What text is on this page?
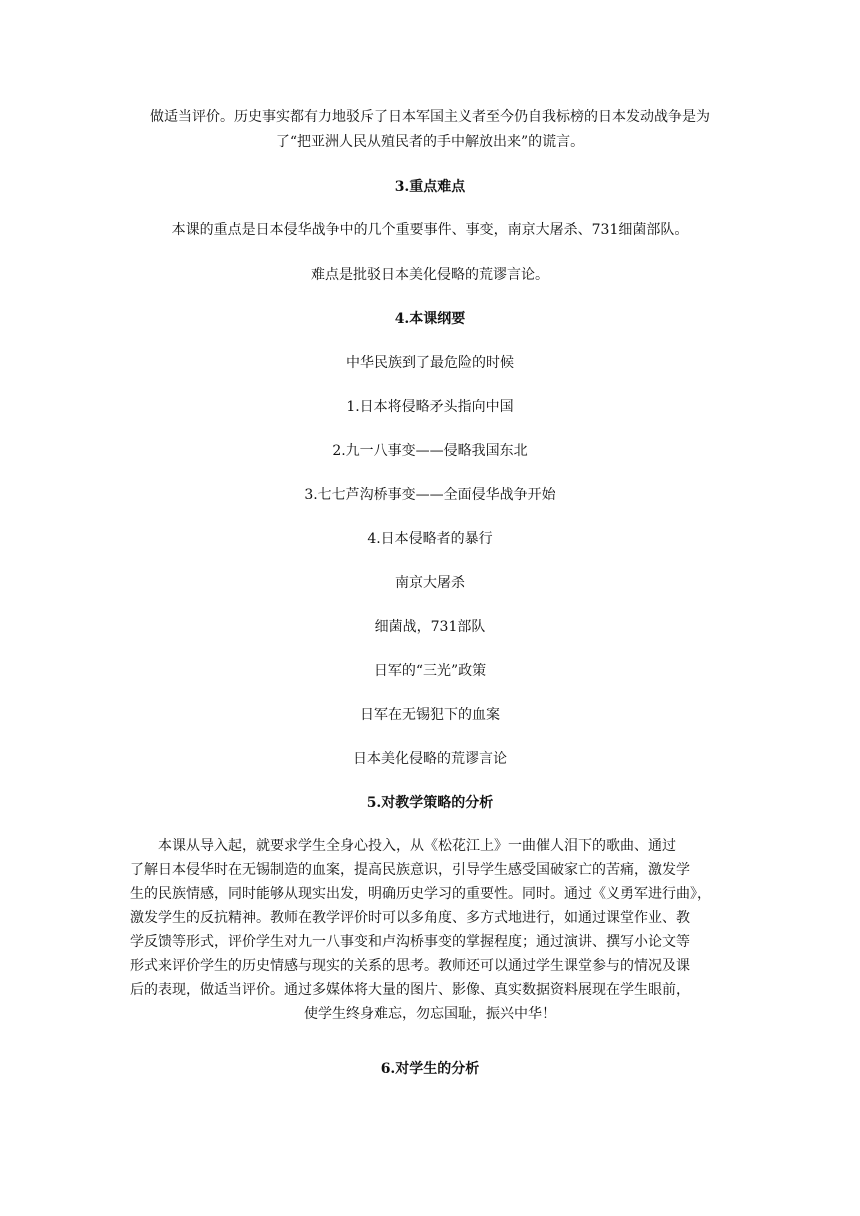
做适当评价。历史事实都有力地驳斥了日本军国主义者至今仍自我标榜的日本发动战争是为
了“把亚洲人民从殖民者的手中解放出来”的谎言。
3.重点难点
本课的重点是日本侵华战争中的几个重要事件、事变，南京大屠杀、731细菌部队。
难点是批驳日本美化侵略的荒谬言论。
4.本课纲要
中华民族到了最危险的时候
1.日本将侵略矛头指向中国
2.九一八事变——侵略我国东北
3.七七芦沟桥事变——全面侵华战争开始
4.日本侵略者的暴行
南京大屠杀
细菌战，731部队
日军的“三光”政策
日军在无锡犯下的血案
日本美化侵略的荒谬言论
5.对教学策略的分析
本课从导入起，就要求学生全身心投入，从《松花江上》一曲催人泪下的歌曲、通过
了解日本侵华时在无锡制造的血案，提高民族意识，引导学生感受国破家亡的苦痛，激发学
生的民族情感，同时能够从现实出发，明确历史学习的重要性。同时。通过《义勇军进行曲》，
激发学生的反抗精神。教师在教学评价时可以多角度、多方式地进行，如通过课堂作业、教
学反馈等形式，评价学生对九一八事变和卢沟桥事变的掌握程度；通过演讲、撰写小论文等
形式来评价学生的历史情感与现实的关系的思考。教师还可以通过学生课堂参与的情况及课
后的表现，做适当评价。通过多媒体将大量的图片、影像、真实数据资料展现在学生眼前，
使学生终身难忘，勿忘国耻，振兴中华！
6.对学生的分析
